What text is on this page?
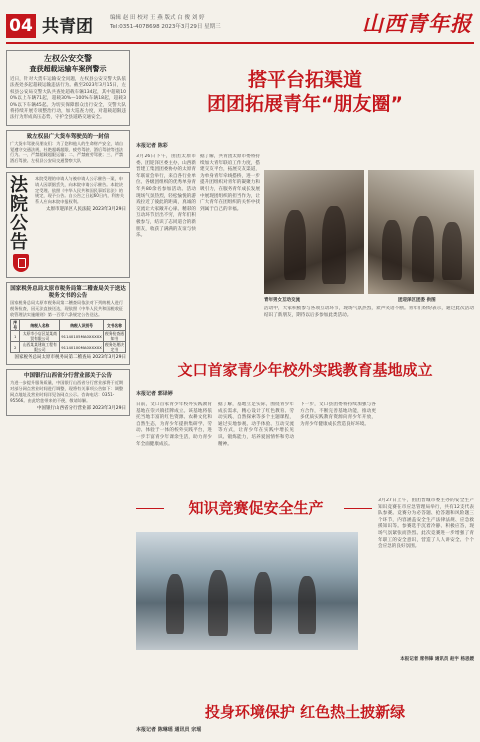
04 共青团	编辑 赵 田 校对 王 燕 版式 白 俊 刘 婷
Tel:0351-4078698 2023年3月29日 星期三	山西青年报
左权公安交警
查获超载运输车案例警示
近日，针对大货车运输安全问题，左权县公安交警大队依法查处多起超载运输违法行为。截至2023年3月15日，左权县公安局交警大队共查处超载车辆134起，其中超载100%以上车辆71起，超载30%—100%车辆18起，超载30%以下车辆45起。为切实保障群众出行安全，交警大队将持续开展专项整治行动，加大巡查力度，对超载超限违法行为形成高压态势，守护全县道路交通安全。
致左权县广大货车驾驶员的一封信
广大货车驾驶员朋友们：为了您和他人的生命财产安全，请自觉遵守交通法规，杜绝超载超限、疲劳驾驶、酒后驾驶等违法行为。一、严禁超载超限运输；二、严禁疲劳驾驶；三、严禁酒后驾驶。左权县公安局交通警察大队
法院公告
本院受理的申请人与被申请人公示催告一案，申请人因票据丢失，向本院申请公示催告。本院决定受理。依照《中华人民共和国民事诉讼法》的规定，现予公告。自公告之日起60日内，利害关系人应向本院申报权利。
太原市迎泽区人民法院 2023年3月29日
国家税务总局太原市税务局第二稽查局关于送达税务文书的公告
国家税务总局太原市税务局第二稽查局依法对下列纳税人进行税务检查，因无法直接送达，现依照《中华人民共和国税收征收管理法实施细则》第一百零六条规定公告送达。
序号	纳税人名称	纳税人识别号	文书名称
1	太原市小店区某某商贸有限公司	91140105MA0XXXXX	税务检查通知书
2	山西某某建筑工程有限公司	91140100MA0XXXXX	税务处理决定书
国家税务总局太原市税务局第二稽查局 2023年3月29日
中国银行山西省分行营业部关于公告
为进一步提升服务质量，中国银行山西省分行营业部将于近期对部分网点营业时间进行调整，现将有关事项公告如下：调整网点地址及营业时间详见各网点公示。咨询电话：0351-95566。由此给您带来的不便，敬请谅解。
中国银行山西省分行营业部 2023年3月29日
搭平台拓渠道
团团拓展青年“朋友圈”
本报记者 陈彩
3月26日下午，由团太原市委、团迎泽区委主办，山西新晋建工集团团委协办的太原青年联谊会举行，来自各行业单位、各级团组织的优秀单身青年共80余名参加活动。活动现场气氛热烈，轻松愉悦的游戏拉近了彼此的距离，真诚的交流让大家敞开心扉。精彩的互动环节层出不穷，青年们积极参与，结识了志同道合的新朋友，收获了满满的友谊与快乐。
据了解，共青团太原市委将持续加大青年联谊工作力度，搭建交友平台，拓展交友渠道，为单身青年牵线搭桥，进一步提升团组织对青年的凝聚力和吸引力，在服务青年成长发展中展现团组织的担当作为，让广大青年在团组织的关怀中找到属于自己的幸福。
青年男女互动交流	团迎泽区团委 供图
活动中，大家积极参与各项互动环节，现场气氛热烈，欢声笑语不断。青年们纷纷表示，通过此次活动结识了新朋友，期待以后多参加此类活动。
文口首家青少年校外实践教育基地成立
本报记者 郭译婷
日前，文口首家青少年校外实践教育基地在崇兴镇挂牌成立。该基地将依托当地丰富的红色资源、农耕文化和自然生态，为青少年提供集研学、劳动、体验于一体的校外实践平台，进一步丰富青少年课余生活，助力青少年全面健康成长。
据了解，基地立足实际，围绕青少年成长需求，精心设计了红色教育、劳动实践、自然探索等多个主题课程，通过实地参观、动手体验、互动交流等方式，让青少年在实践中增长见识、锻炼能力，培养爱国情怀和劳动精神。
下一步，文口县团委将持续加强与各方合作，不断完善基地功能，推动更多优质实践教育资源向青少年开放，为青少年健康成长营造良好环境。
知识竞赛促安全生产	3月27日上午，由团晋城市委主办的安全生产知识竞赛在市应急管理局举行，共有12支代表队参赛。竞赛分为必答题、抢答题和风险题三个环节，内容涵盖安全生产法律法规、应急救援知识等。参赛选手沉着冷静、积极应答，现场气氛紧张而热烈。此次竞赛进一步增强了青年职工的安全意识，营造了人人讲安全、个个会应急的良好氛围。
本报记者 席伟锋 通讯员 赵宇 杨思媛
投身环境保护 红色热土披新绿
本报记者 陈琳瑶 通讯员 宗瑶
